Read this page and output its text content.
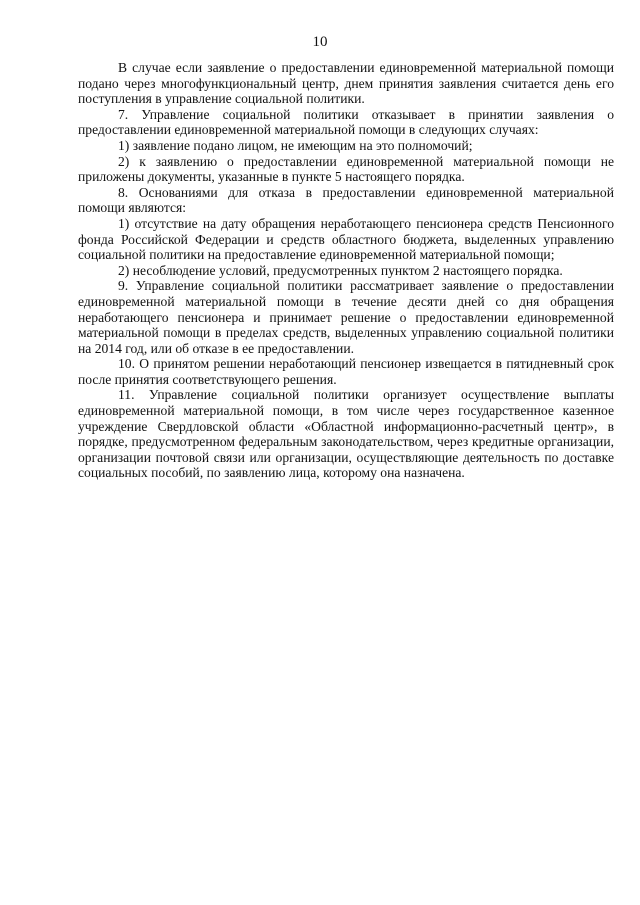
10

В случае если заявление о предоставлении единовременной материальной помощи подано через многофункциональный центр, днем принятия заявления считается день его поступления в управление социальной политики.

7. Управление социальной политики отказывает в принятии заявления о предоставлении единовременной материальной помощи в следующих случаях:

1) заявление подано лицом, не имеющим на это полномочий;

2) к заявлению о предоставлении единовременной материальной помощи не приложены документы, указанные в пункте 5 настоящего порядка.

8. Основаниями для отказа в предоставлении единовременной материальной помощи являются:

1) отсутствие на дату обращения неработающего пенсионера средств Пенсионного фонда Российской Федерации и средств областного бюджета, выделенных управлению социальной политики на предоставление единовременной материальной помощи;

2) несоблюдение условий, предусмотренных пунктом 2 настоящего порядка.

9. Управление социальной политики рассматривает заявление о предоставлении единовременной материальной помощи в течение десяти дней со дня обращения неработающего пенсионера и принимает решение о предоставлении единовременной материальной помощи в пределах средств, выделенных управлению социальной политики на 2014 год, или об отказе в ее предоставлении.

10. О принятом решении неработающий пенсионер извещается в пятидневный срок после принятия соответствующего решения.

11. Управление социальной политики организует осуществление выплаты единовременной материальной помощи, в том числе через государственное казенное учреждение Свердловской области «Областной информационно-расчетный центр», в порядке, предусмотренном федеральным законодательством, через кредитные организации, организации почтовой связи или организации, осуществляющие деятельность по доставке социальных пособий, по заявлению лица, которому она назначена.
